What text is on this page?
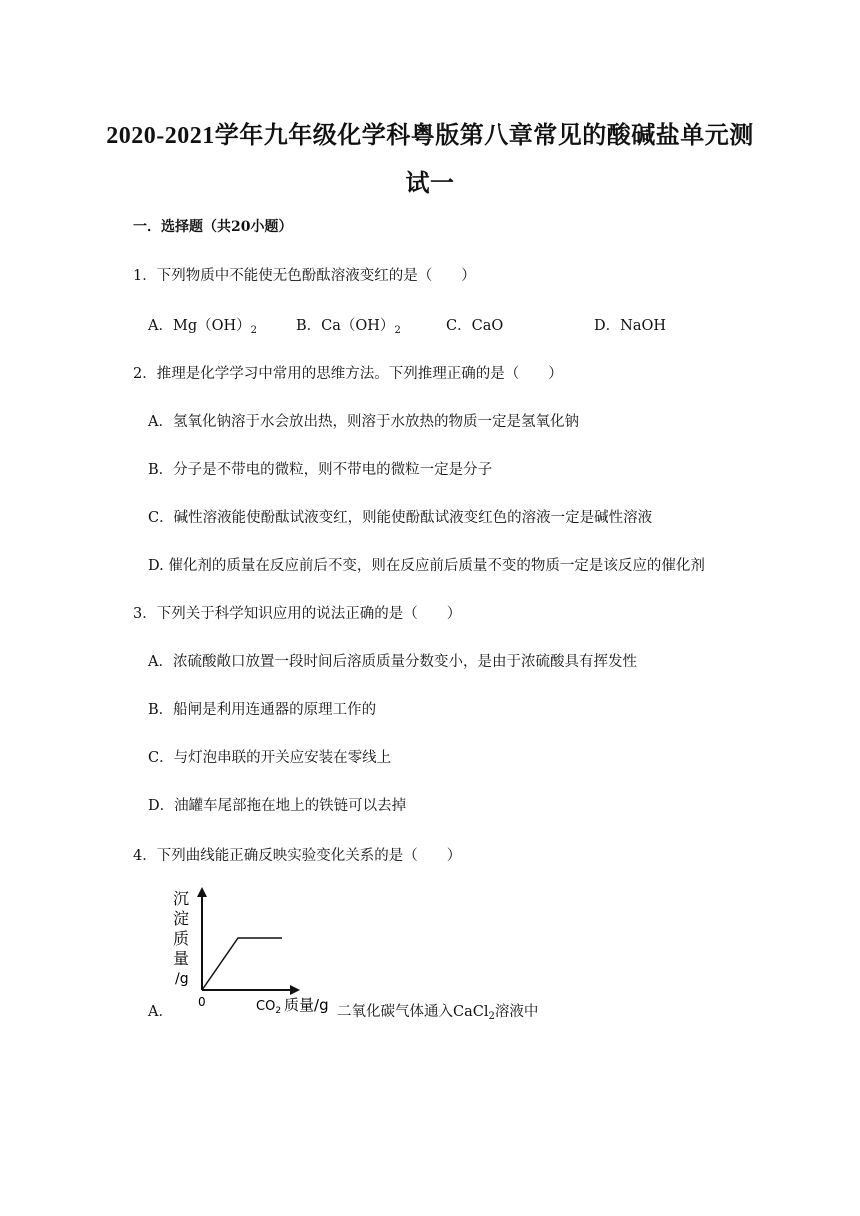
2020-2021学年九年级化学科粤版第八章常见的酸碱盐单元测试一
一．选择题（共20小题）
1．下列物质中不能使无色酚酞溶液变红的是（　　）
A．$Mg(OH)_2$	B．$Ca(OH)_2$	C．CaO	D．NaOH
2．推理是化学学习中常用的思维方法。下列推理正确的是（　　）
A．氢氧化钠溶于水会放出热，则溶于水放热的物质一定是氢氧化钠
B．分子是不带电的微粒，则不带电的微粒一定是分子
C．碱性溶液能使酚酞试液变红，则能使酚酞试液变红色的溶液一定是碱性溶液
D. 催化剂的质量在反应前后不变，则在反应前后质量不变的物质一定是该反应的催化剂
3．下列关于科学知识应用的说法正确的是（　　）
A．浓硫酸敞口放置一段时间后溶质质量分数变小，是由于浓硫酸具有挥发性
B．船闸是利用连通器的原理工作的
C．与灯泡串联的开关应安装在零线上
D．油罐车尾部拖在地上的铁链可以去掉
4．下列曲线能正确反映实验变化关系的是（　　）
A．
沉
淀
质
量
/g
0	$CO_2$ 质量/g 二氧化碳气体通入CaCl$_2$溶液中
